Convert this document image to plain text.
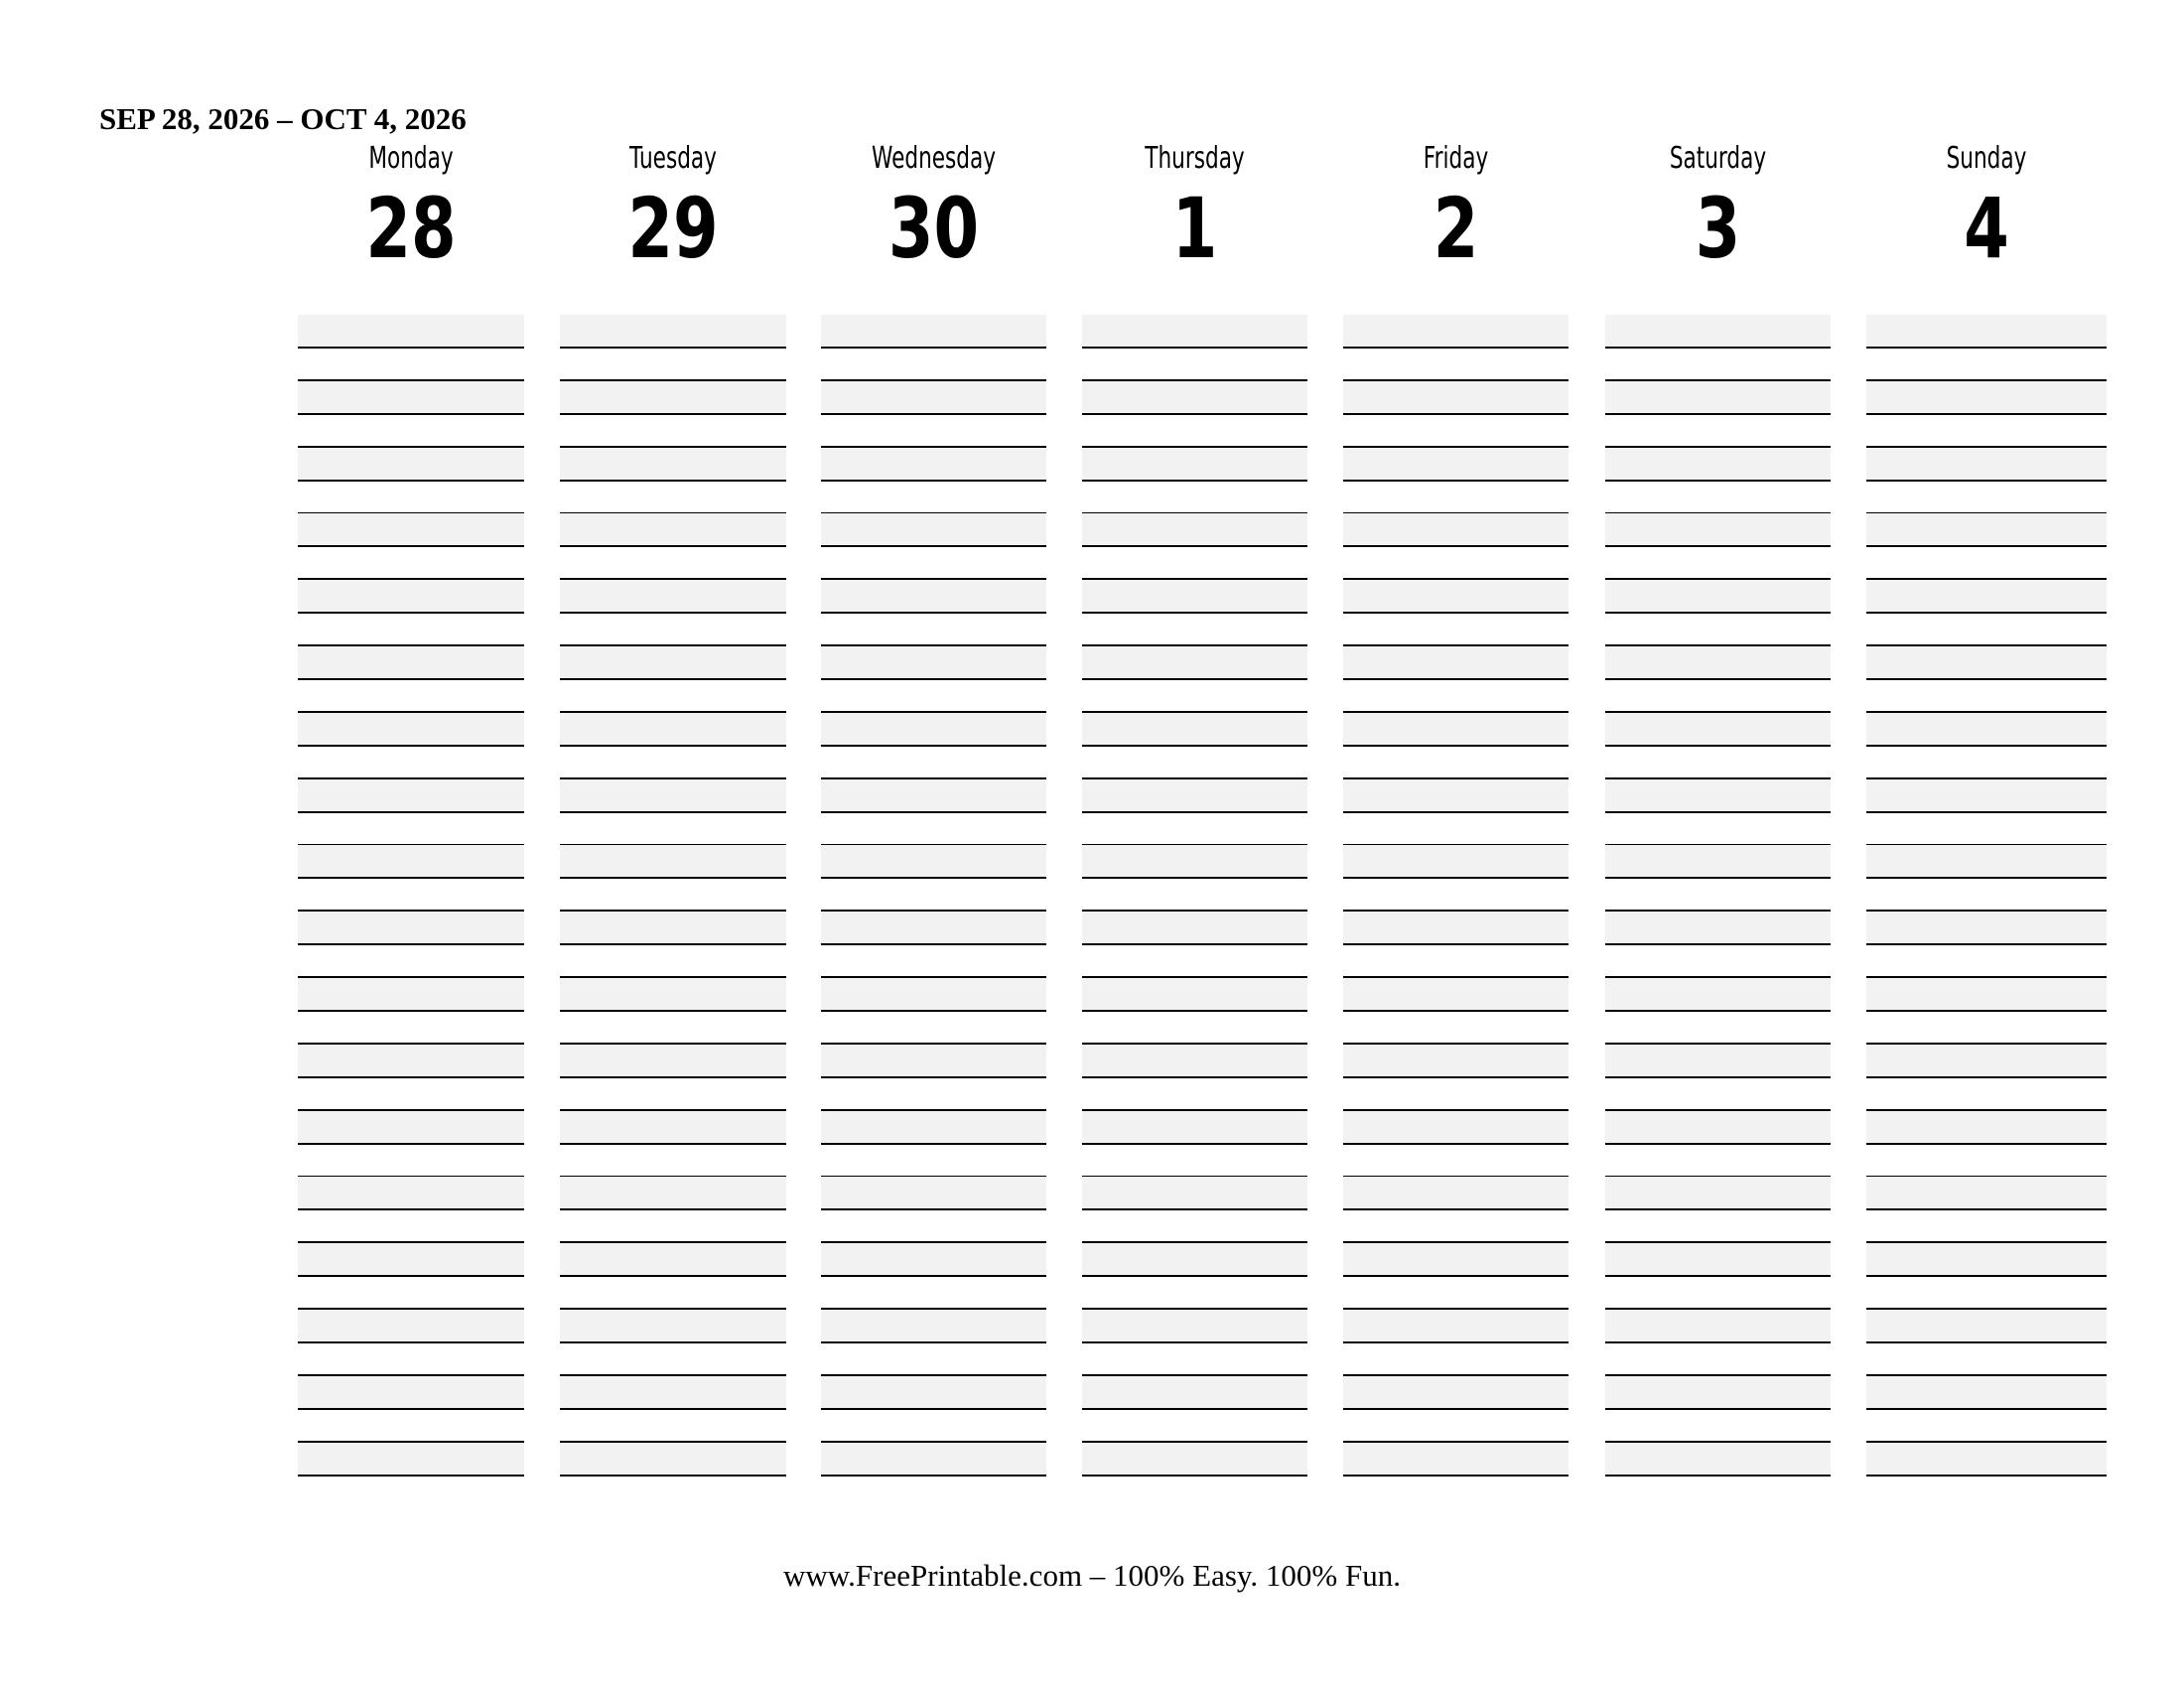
SEP 28, 2026 – OCT 4, 2026
Monday
28
Tuesday
29
Wednesday
30
Thursday
1
Friday
2
Saturday
3
Sunday
4
www.FreePrintable.com – 100% Easy. 100% Fun.
